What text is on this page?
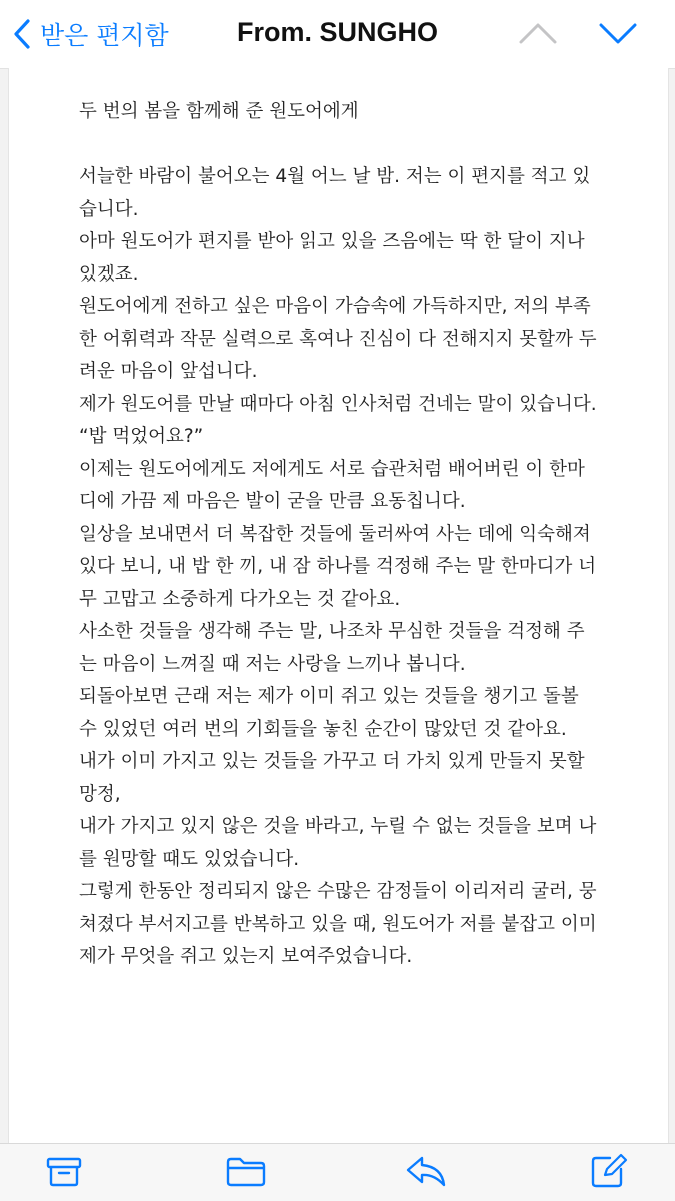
받은 편지함	From. SUNGHO

두 번의 봄을 함께해 준 원도어에게

서늘한 바람이 불어오는 4월 어느 날 밤. 저는 이 편지를 적고 있습니다.

아마 원도어가 편지를 받아 읽고 있을 즈음에는 딱 한 달이 지나 있겠죠.

원도어에게 전하고 싶은 마음이 가슴속에 가득하지만, 저의 부족한 어휘력과 작문 실력으로 혹여나 진심이 다 전해지지 못할까 두려운 마음이 앞섭니다.

제가 원도어를 만날 때마다 아침 인사처럼 건네는 말이 있습니다.

“밥 먹었어요?”

이제는 원도어에게도 저에게도 서로 습관처럼 배어버린 이 한마디에 가끔 제 마음은 발이 굳을 만큼 요동칩니다.

일상을 보내면서 더 복잡한 것들에 둘러싸여 사는 데에 익숙해져 있다 보니, 내 밥 한 끼, 내 잠 하나를 걱정해 주는 말 한마디가 너무 고맙고 소중하게 다가오는 것 같아요.

사소한 것들을 생각해 주는 말, 나조차 무심한 것들을 걱정해 주는 마음이 느껴질 때 저는 사랑을 느끼나 봅니다.

되돌아보면 근래 저는 제가 이미 쥐고 있는 것들을 챙기고 돌볼 수 있었던 여러 번의 기회들을 놓친 순간이 많았던 것 같아요.

내가 이미 가지고 있는 것들을 가꾸고 더 가치 있게 만들지 못할망정,

내가 가지고 있지 않은 것을 바라고, 누릴 수 없는 것들을 보며 나를 원망할 때도 있었습니다.

그렇게 한동안 정리되지 않은 수많은 감정들이 이리저리 굴러, 뭉쳐졌다 부서지고를 반복하고 있을 때, 원도어가 저를 붙잡고 이미 제가 무엇을 쥐고 있는지 보여주었습니다.
